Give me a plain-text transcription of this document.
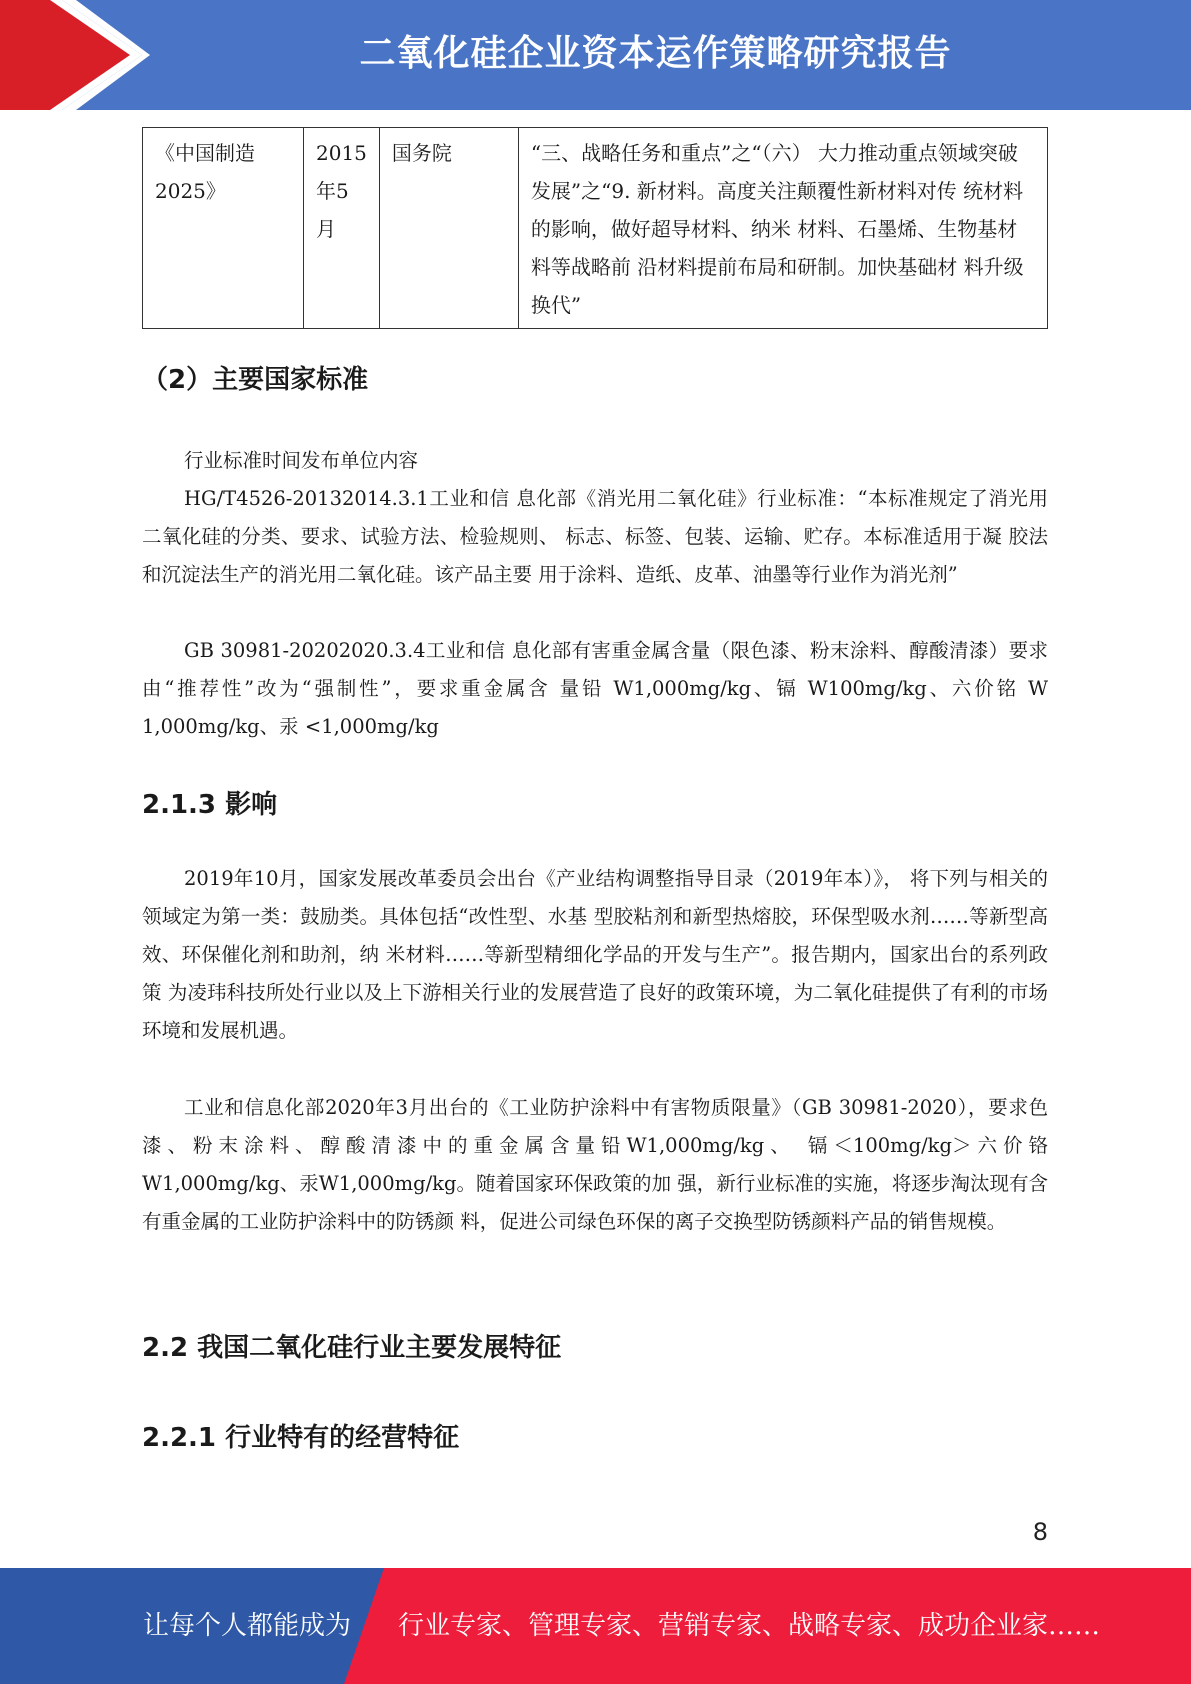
二氧化硅企业资本运作策略研究报告
《中国制造2025》	2015年5月	国务院	“三、战略任务和重点”之“（六） 大力推动重点领域突破发展”之“9. 新材料。高度关注颠覆性新材料对传 统材料的影响，做好超导材料、纳米 材料、石墨烯、生物基材料等战略前 沿材料提前布局和研制。加快基础材 料升级换代”
（2）主要国家标准

行业标准时间发布单位内容

HG/T4526-20132014.3.1工业和信 息化部《消光用二氧化硅》行业标准：“本标准规定了消光用二氧化硅的分类、要求、试验方法、检验规则、 标志、标签、包装、运输、贮存。本标准适用于凝 胶法和沉淀法生产的消光用二氧化硅。该产品主要 用于涂料、造纸、皮革、油墨等行业作为消光剂”

GB 30981-20202020.3.4工业和信 息化部有害重金属含量（限色漆、粉末涂料、醇酸清漆）要求由“推荐性”改为“强制性”，要求重金属含 量铅 W1,000mg/kg、镉 W100mg/kg、六价铭 W 1,000mg/kg、汞 <1,000mg/kg

2.1.3 影响

2019年10月，国家发展改革委员会出台《产业结构调整指导目录（2019年本）》， 将下列与相关的领域定为第一类：鼓励类。具体包括“改性型、水基 型胶粘剂和新型热熔胶，环保型吸水剂……等新型高效、环保催化剂和助剂，纳 米材料……等新型精细化学品的开发与生产”。报告期内，国家出台的系列政策 为凌玮科技所处行业以及上下游相关行业的发展营造了良好的政策环境，为二氧化硅提供了有利的市场环境和发展机遇。

工业和信息化部2020年3月出台的《工业防护涂料中有害物质限量》（GB 30981-2020），要求色漆、粉末涂料、醇酸清漆中的重金属含量铅W1,000mg/kg、 镉＜100mg/kg＞六价铬W1,000mg/kg、汞W1,000mg/kg。随着国家环保政策的加 强，新行业标准的实施，将逐步淘汰现有含有重金属的工业防护涂料中的防锈颜 料，促进公司绿色环保的离子交换型防锈颜料产品的销售规模。

2.2 我国二氧化硅行业主要发展特征
2.2.1 行业特有的经营特征
8
让每个人都能成为 行业专家、管理专家、营销专家、战略专家、成功企业家……
